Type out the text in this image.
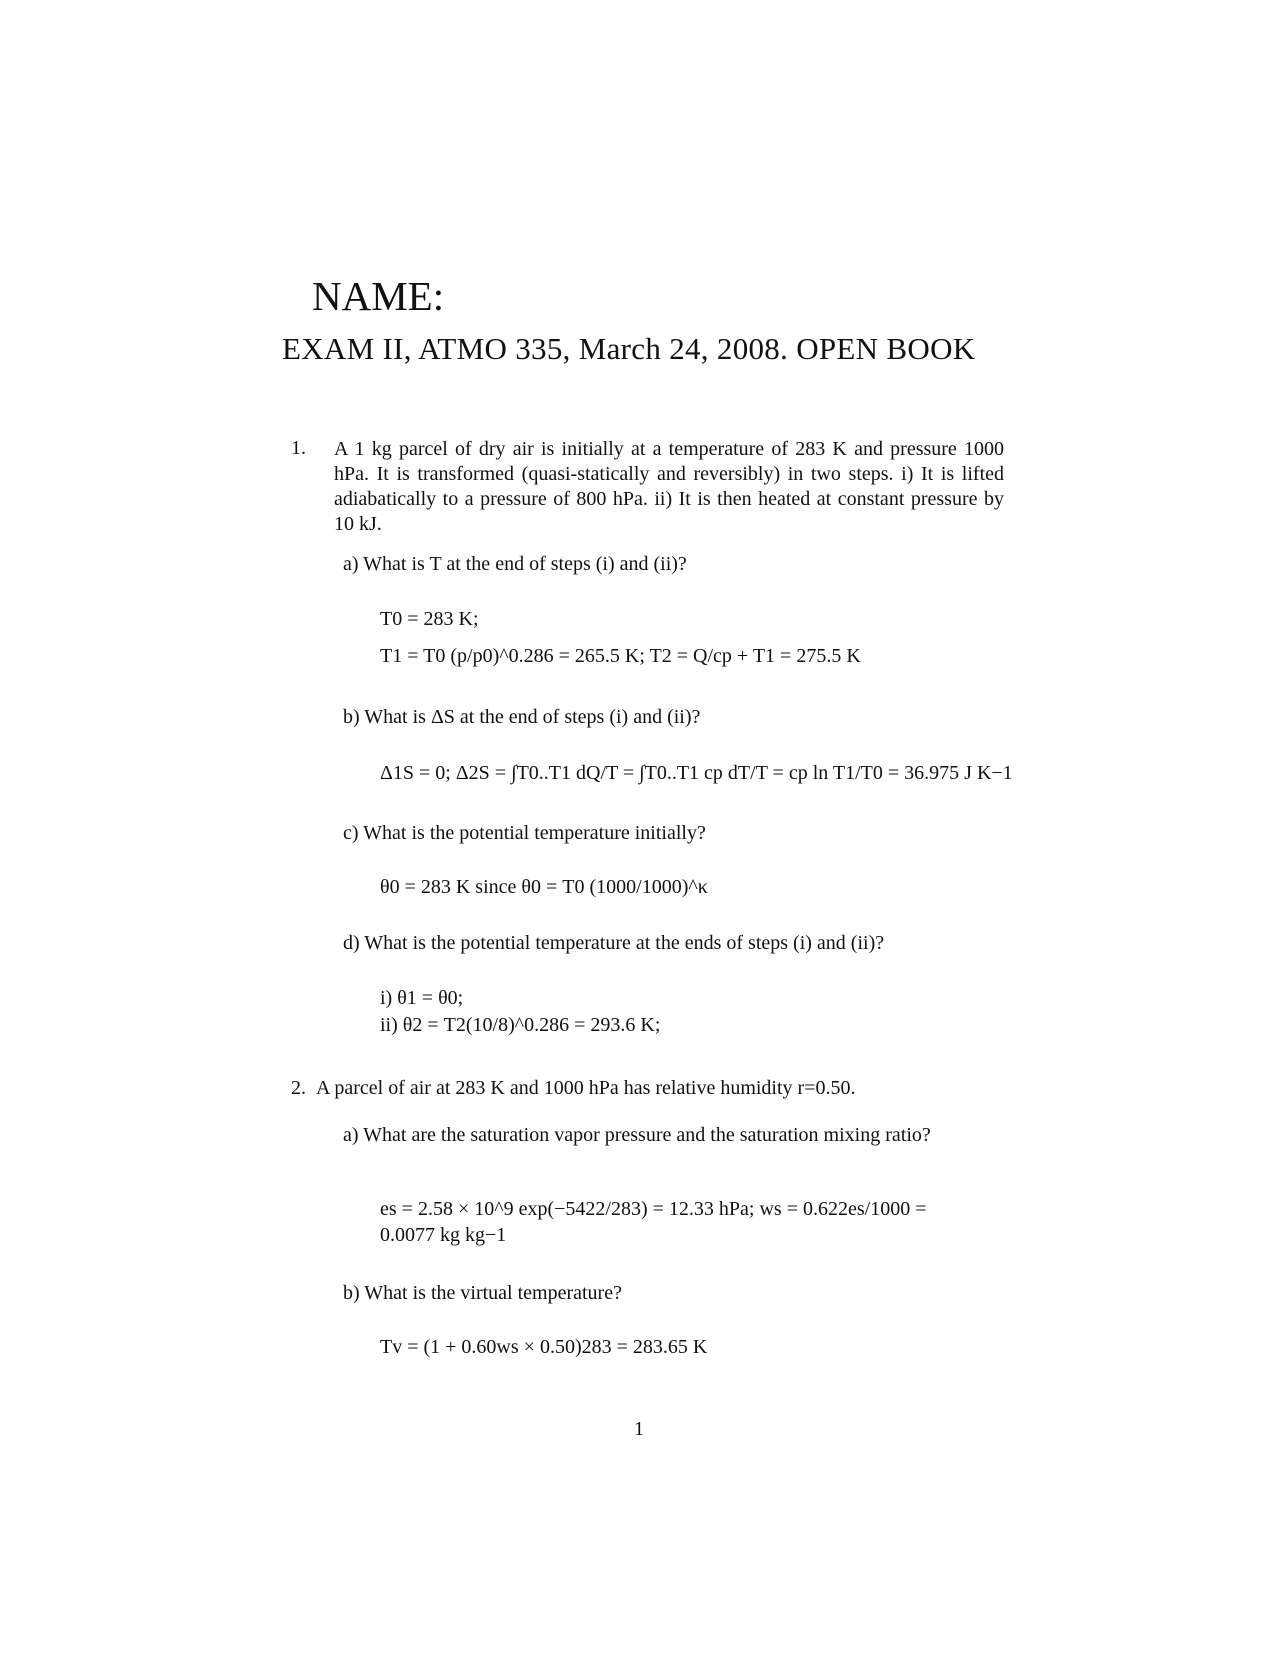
NAME:
EXAM II, ATMO 335, March 24, 2008. OPEN BOOK
1. A 1 kg parcel of dry air is initially at a temperature of 283 K and pressure 1000 hPa. It is transformed (quasi-statically and reversibly) in two steps. i) It is lifted adiabatically to a pressure of 800 hPa. ii) It is then heated at constant pressure by 10 kJ.
a) What is T at the end of steps (i) and (ii)?
T0 = 283 K;
T1 = T0 (p/p0)^0.286 = 265.5 K; T2 = Q/cp + T1 = 275.5 K
b) What is ΔS at the end of steps (i) and (ii)?
Δ1S = 0; Δ2S = ∫T0..T1 dQ/T = ∫T0..T1 cp dT/T = cp ln T1/T0 = 36.975 J K−1
c) What is the potential temperature initially?
θ0 = 283 K since θ0 = T0 (1000/1000)^κ
d) What is the potential temperature at the ends of steps (i) and (ii)?
i) θ1 = θ0;
ii) θ2 = T2(10/8)^0.286 = 293.6 K;
2. A parcel of air at 283 K and 1000 hPa has relative humidity r=0.50.
a) What are the saturation vapor pressure and the saturation mixing ratio?
es = 2.58 × 10^9 exp(−5422/283) = 12.33 hPa; ws = 0.622es/1000 =
0.0077 kg kg−1
b) What is the virtual temperature?
Tv = (1 + 0.60ws × 0.50)283 = 283.65 K
1
